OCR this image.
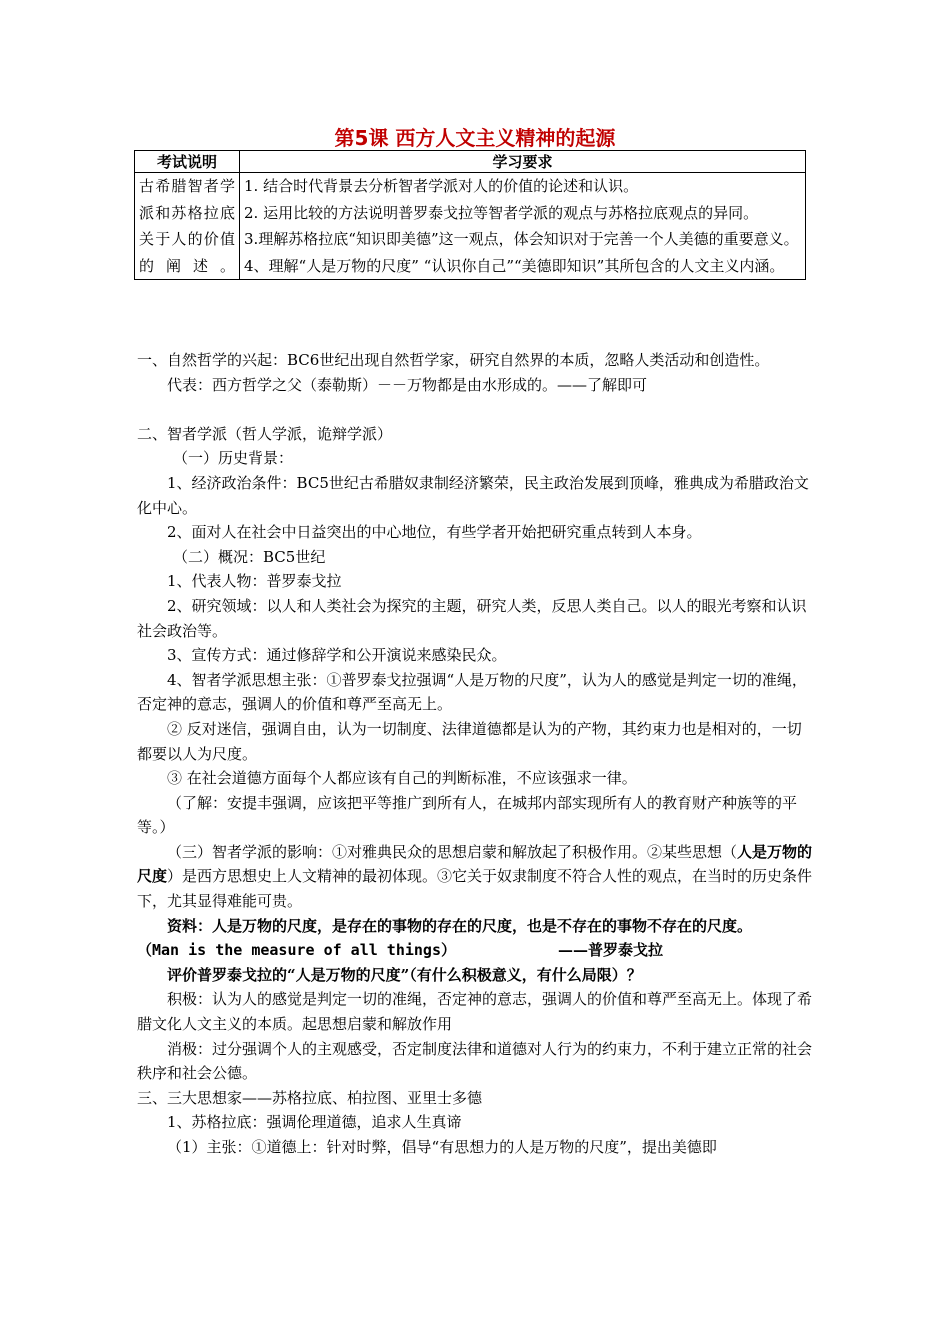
第5课 西方人文主义精神的起源
考试说明	学习要求
古希腊智者学派和苏格拉底关于人的价值的阐述。	1. 结合时代背景去分析智者学派对人的价值的论述和认识。
2. 运用比较的方法说明普罗泰戈拉等智者学派的观点与苏格拉底观点的异同。
3.理解苏格拉底“知识即美德”这一观点，体会知识对于完善一个人美德的重要意义。
4、理解“人是万物的尺度” “认识你自己”“美德即知识”其所包含的人文主义内涵。

一、自然哲学的兴起：BC6世纪出现自然哲学家，研究自然界的本质，忽略人类活动和创造性。

代表：西方哲学之父（泰勒斯）－－万物都是由水形成的。——了解即可

二、智者学派（哲人学派，诡辩学派）

（一）历史背景：

1、经济政治条件：BC5世纪古希腊奴隶制经济繁荣，民主政治发展到顶峰，雅典成为希腊政治文化中心。

2、面对人在社会中日益突出的中心地位，有些学者开始把研究重点转到人本身。

（二）概况：BC5世纪

1、代表人物：普罗泰戈拉

2、研究领域：以人和人类社会为探究的主题，研究人类，反思人类自己。以人的眼光考察和认识社会政治等。

3、宣传方式：通过修辞学和公开演说来感染民众。

4、智者学派思想主张：①普罗泰戈拉强调“人是万物的尺度”，认为人的感觉是判定一切的准绳，否定神的意志，强调人的价值和尊严至高无上。

② 反对迷信，强调自由，认为一切制度、法律道德都是认为的产物，其约束力也是相对的，一切都要以人为尺度。

③ 在社会道德方面每个人都应该有自己的判断标准，不应该强求一律。

（了解：安提丰强调，应该把平等推广到所有人，在城邦内部实现所有人的教育财产种族等的平等。）

（三）智者学派的影响：①对雅典民众的思想启蒙和解放起了积极作用。②某些思想（人是万物的尺度）是西方思想史上人文精神的最初体现。③它关于奴隶制度不符合人性的观点，在当时的历史条件下，尤其显得难能可贵。

资料：人是万物的尺度，是存在的事物的存在的尺度，也是不存在的事物不存在的尺度。

（Man is the measure of all things）	——普罗泰戈拉

评价普罗泰戈拉的“人是万物的尺度”（有什么积极意义，有什么局限）？

积极：认为人的感觉是判定一切的准绳，否定神的意志，强调人的价值和尊严至高无上。体现了希腊文化人文主义的本质。起思想启蒙和解放作用

消极：过分强调个人的主观感受，否定制度法律和道德对人行为的约束力，不利于建立正常的社会秩序和社会公德。

三、三大思想家——苏格拉底、柏拉图、亚里士多德

1、苏格拉底：强调伦理道德，追求人生真谛

（1）主张：①道德上：针对时弊，倡导“有思想力的人是万物的尺度”，提出美德即
